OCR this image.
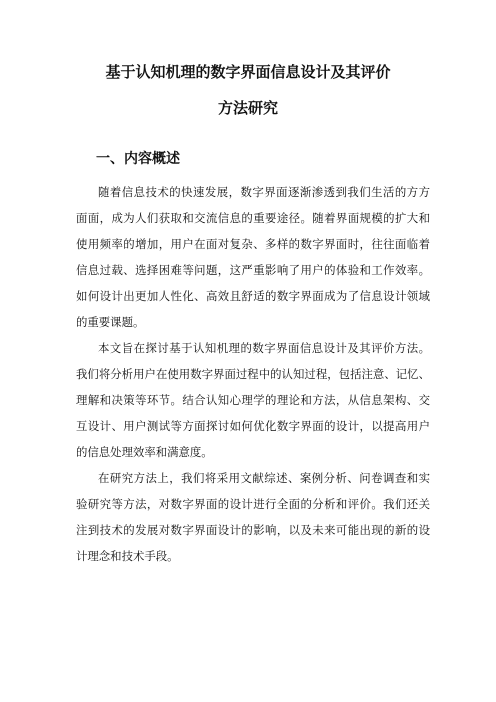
基于认知机理的数字界面信息设计及其评价
方法研究
一、内容概述
随着信息技术的快速发展，数字界面逐渐渗透到我们生活的方方
面面，成为人们获取和交流信息的重要途径。随着界面规模的扩大和
使用频率的增加，用户在面对复杂、多样的数字界面时，往往面临着
信息过载、选择困难等问题，这严重影响了用户的体验和工作效率。
如何设计出更加人性化、高效且舒适的数字界面成为了信息设计领域
的重要课题。
本文旨在探讨基于认知机理的数字界面信息设计及其评价方法。
我们将分析用户在使用数字界面过程中的认知过程，包括注意、记忆、
理解和决策等环节。结合认知心理学的理论和方法，从信息架构、交
互设计、用户测试等方面探讨如何优化数字界面的设计，以提高用户
的信息处理效率和满意度。
在研究方法上，我们将采用文献综述、案例分析、问卷调查和实
验研究等方法，对数字界面的设计进行全面的分析和评价。我们还关
注到技术的发展对数字界面设计的影响，以及未来可能出现的新的设
计理念和技术手段。
